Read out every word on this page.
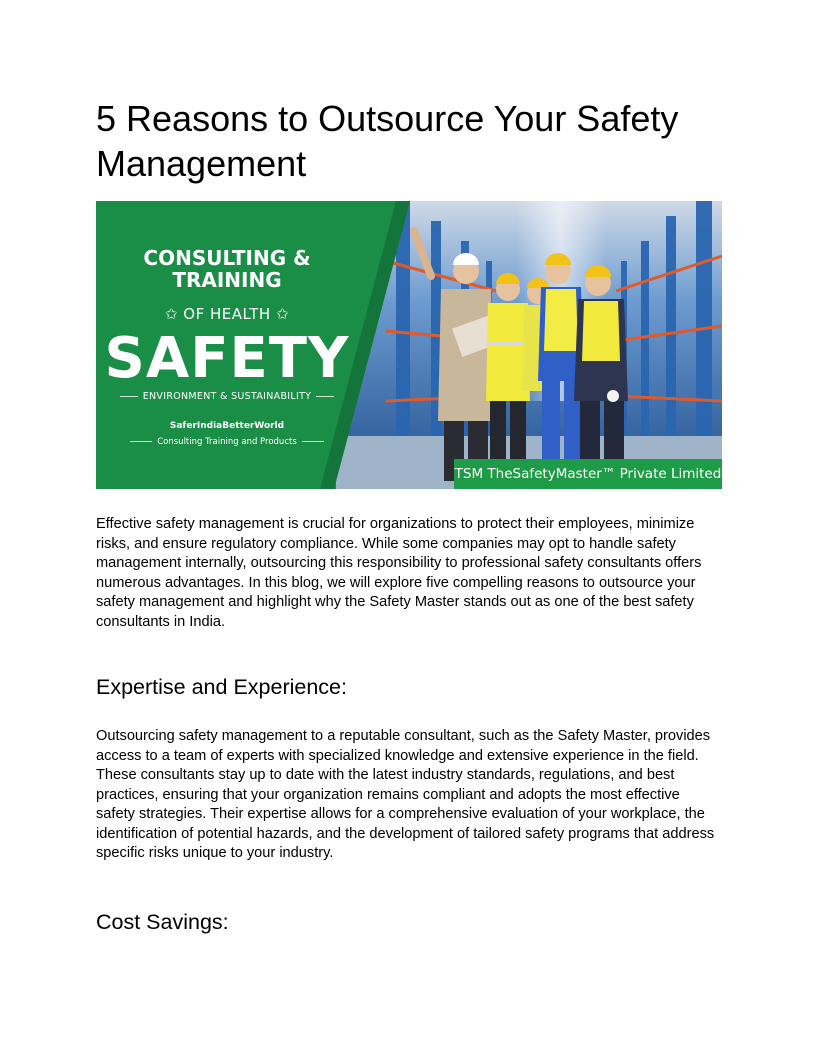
5 Reasons to Outsource Your Safety Management
CONSULTING &
TRAINING
✩ OF HEALTH ✩
SAFETY
ENVIRONMENT & SUSTAINABILITY
SaferIndiaBetterWorld
Consulting Training and Products
TSM TheSafetyMaster™ Private Limited

Effective safety management is crucial for organizations to protect their employees, minimize risks, and ensure regulatory compliance. While some companies may opt to handle safety management internally, outsourcing this responsibility to professional safety consultants offers numerous advantages. In this blog, we will explore five compelling reasons to outsource your safety management and highlight why the Safety Master stands out as one of the best safety consultants in India.

Expertise and Experience:

Outsourcing safety management to a reputable consultant, such as the Safety Master, provides access to a team of experts with specialized knowledge and extensive experience in the field. These consultants stay up to date with the latest industry standards, regulations, and best practices, ensuring that your organization remains compliant and adopts the most effective safety strategies. Their expertise allows for a comprehensive evaluation of your workplace, the identification of potential hazards, and the development of tailored safety programs that address specific risks unique to your industry.

Cost Savings:
